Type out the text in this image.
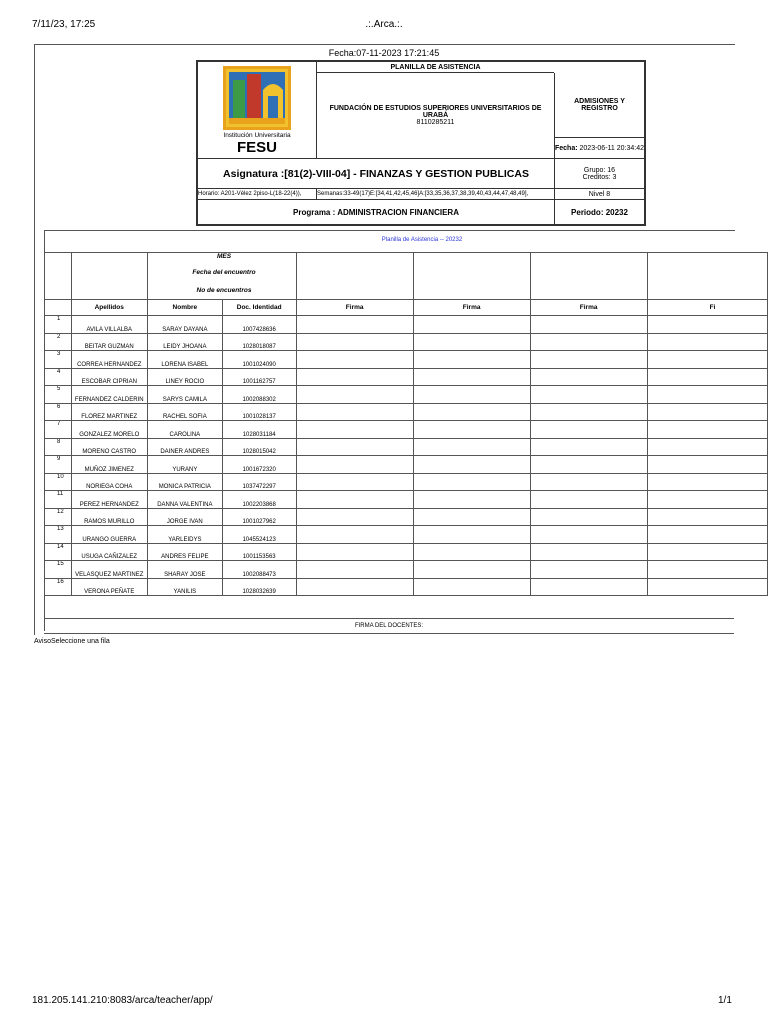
7/11/23, 17:25	.:.Arca.:.
181.205.141.210:8083/arca/teacher/app/	1/1
Fecha:07-11-2023 17:21:45
Institución Universitaria
FESU
PLANILLA DE ASISTENCIA
FUNDACIÓN DE ESTUDIOS SUPERIORES UNIVERSITARIOS DE URABÁ
8110285211
ADMISIONES Y REGISTRO
Fecha:
2023-06-11 20:34:42
Asignatura :[81(2)-VIII-04] - FINANZAS Y GESTION PUBLICAS	Grupo: 16
Creditos: 3
Horario: A201-Vélez 2piso-L(18-22(4)),	Semanas:33-49(17)E:[34,41,42,45,46]A:[33,35,36,37,38,39,40,43,44,47,48,49],	Nivel 8
Programa : ADMINISTRACION FINANCIERA	Periodo: 20232
Planilla de Asistencia -- 20232

		MES
Fecha del encuentro
No de encuentros					

	Apellidos	Nombre	Doc. Identidad	Firma	Firma	Firma	Fi
1	AVILA VILLALBA	SARAY DAYANA	1007428636				
2	BEITAR GUZMAN	LEIDY JHOANA	1028018087				
3	CORREA HERNANDEZ	LORENA ISABEL	1001024090				
4	ESCOBAR CIPRIAN	LINEY ROCIO	1001162757				
5	FERNANDEZ CALDERIN	SARYS CAMILA	1002088302				
6	FLOREZ MARTINEZ	RACHEL SOFIA	1001028137				
7	GONZALEZ MORELO	CAROLINA	1028031184				
8	MORENO CASTRO	DAINER ANDRES	1028015042				
9	MUÑOZ JIMENEZ	YURANY	1001672320				
10	NORIEGA COHA	MONICA PATRICIA	1037472297				
11	PEREZ HERNANDEZ	DANNA VALENTINA	1002203868				
12	RAMOS MURILLO	JORGE IVAN	1001027962				
13	URANGO GUERRA	YARLEIDYS	1045524123				
14	USUGA CAÑIZALEZ	ANDRES FELIPE	1001153563				
15	VELASQUEZ MARTINEZ	SHARAY JOSE	1002088473				
16	VERONA PEÑATE	YANILIS	1028032639				
FIRMA DEL DOCENTES:
AvisoSeleccione una fila
